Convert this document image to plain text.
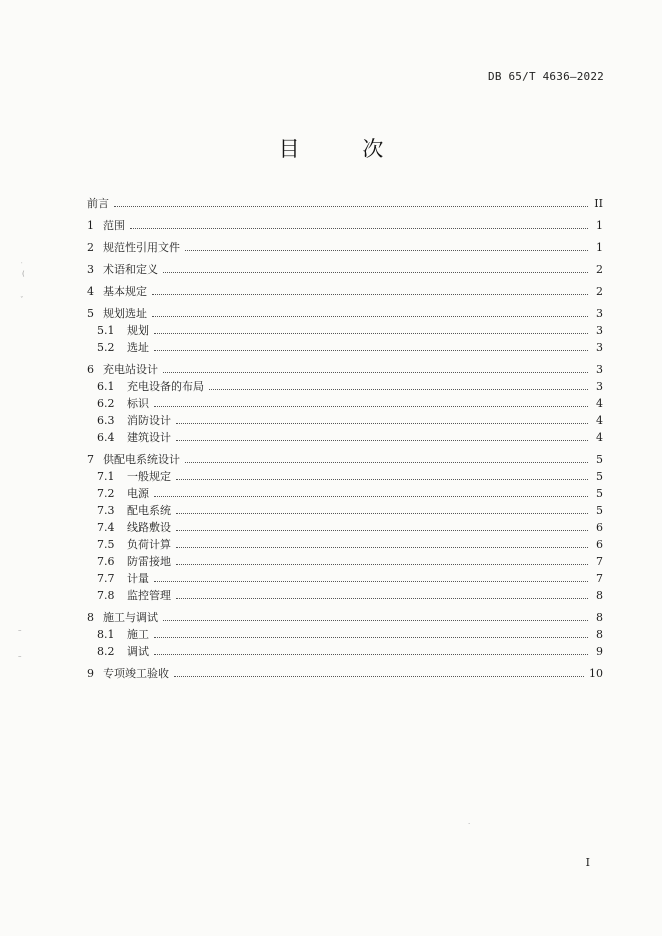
DB 65/T 4636—2022
目 次
前言	II
1 范围	1
2 规范性引用文件	1
3 术语和定义	2
4 基本规定	2
5 规划选址	3
5.1	规划	3
5.2	选址	3
6 充电站设计	3
6.1	充电设备的布局	3
6.2	标识	4
6.3	消防设计	4
6.4	建筑设计	4
7 供配电系统设计	5
7.1	一般规定	5
7.2	电源	5
7.3	配电系统	5
7.4	线路敷设	6
7.5	负荷计算	6
7.6	防雷接地	7
7.7	计量	7
7.8	监控管理	8
8 施工与调试	8
8.1	施工	8
8.2	调试	9
9 专项竣工验收	10
I
˙
(
ˇ
–
–
·
